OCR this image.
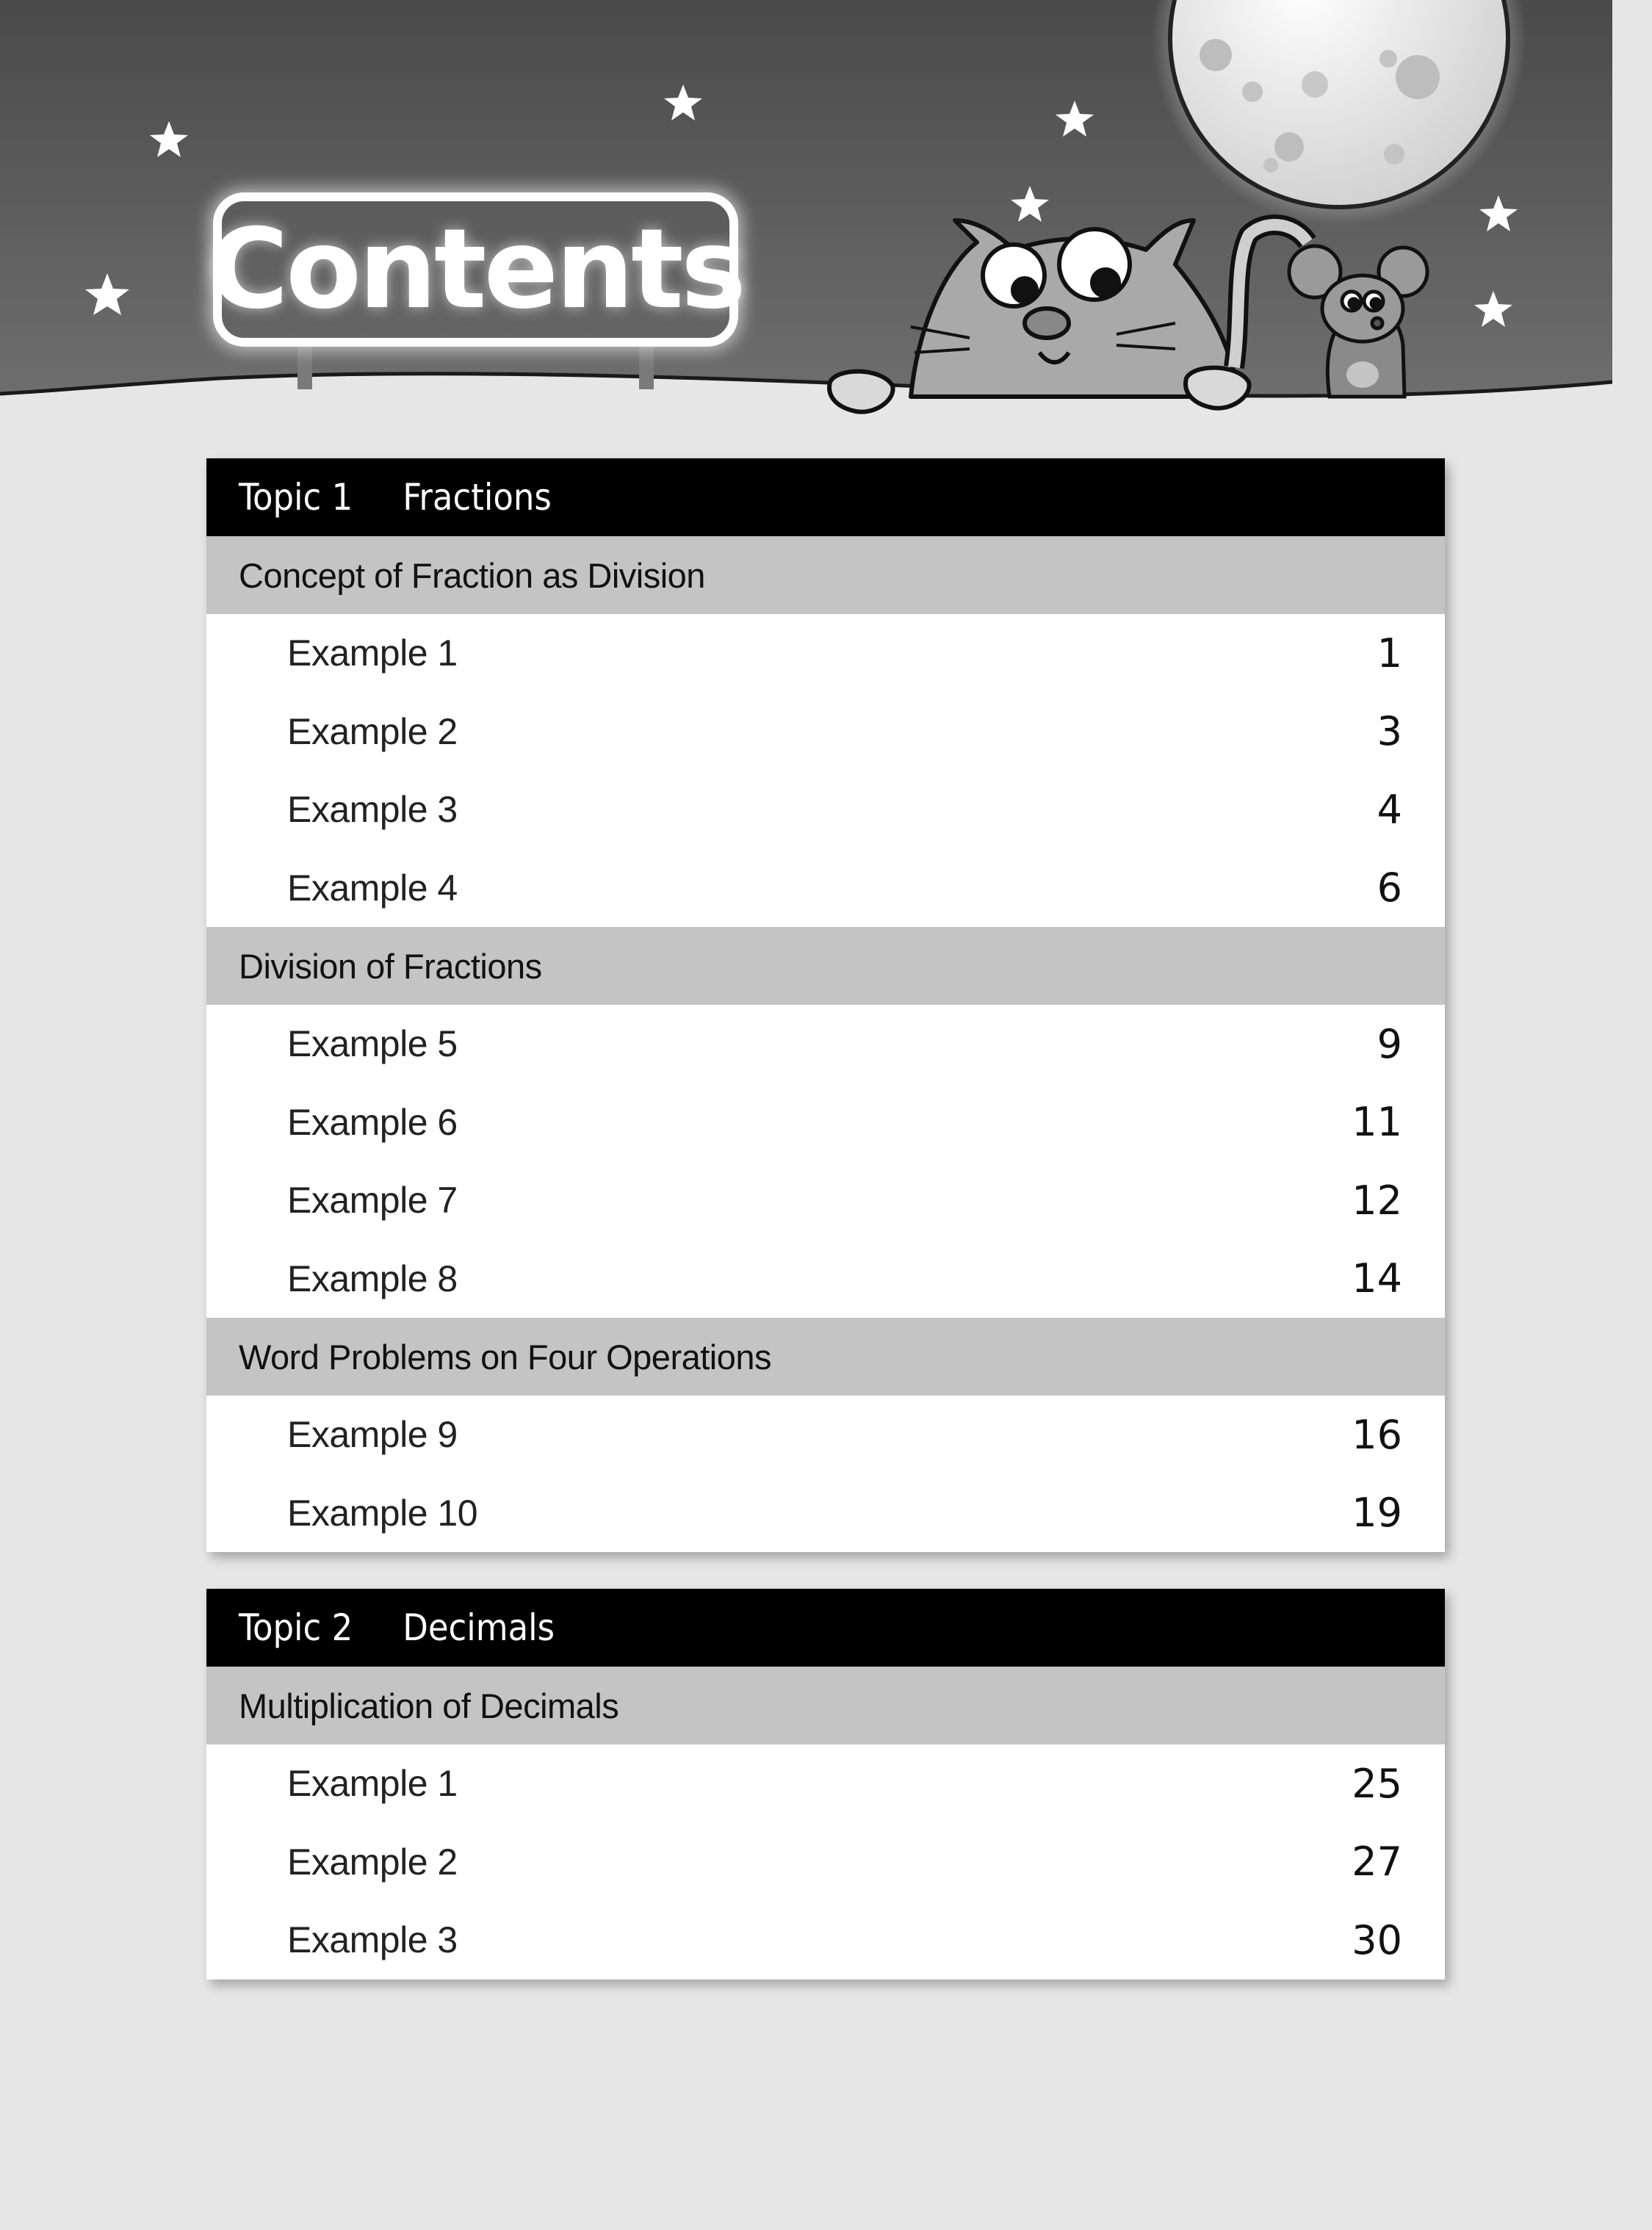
Contents
Topic 1 Fractions
Concept of Fraction as Division
Example 1	1
Example 2	3
Example 3	4
Example 4	6
Division of Fractions
Example 5	9
Example 6	11
Example 7	12
Example 8	14
Word Problems on Four Operations
Example 9	16
Example 10	19
Topic 2 Decimals
Multiplication of Decimals
Example 1	25
Example 2	27
Example 3	30
